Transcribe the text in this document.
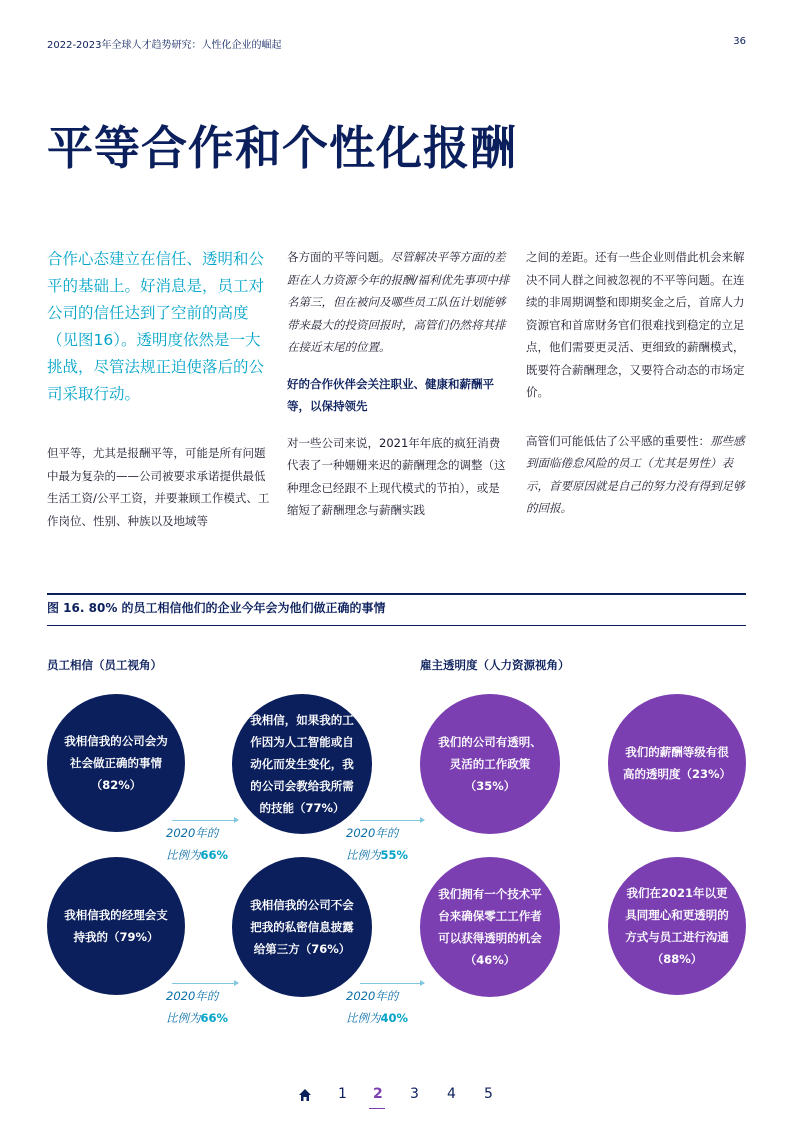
2022-2023年全球人才趋势研究：人性化企业的崛起	36
平等合作和个性化报酬

合作心态建立在信任、透明和公平的基础上。好消息是，员工对公司的信任达到了空前的高度（见图16）。透明度依然是一大挑战，尽管法规正迫使落后的公司采取行动。

但平等，尤其是报酬平等，可能是所有问题中最为复杂的——公司被要求承诺提供最低生活工资/公平工资，并要兼顾工作模式、工作岗位、性别、种族以及地域等

各方面的平等问题。尽管解决平等方面的差距在人力资源今年的报酬/福利优先事项中排名第三，但在被问及哪些员工队伍计划能够带来最大的投资回报时，高管们仍然将其排在接近末尾的位置。

好的合作伙伴会关注职业、健康和薪酬平等，以保持领先

对一些公司来说，2021年年底的疯狂消费代表了一种姗姗来迟的薪酬理念的调整（这种理念已经跟不上现代模式的节拍），或是缩短了薪酬理念与薪酬实践

之间的差距。还有一些企业则借此机会来解决不同人群之间被忽视的不平等问题。在连续的非周期调整和即期奖金之后，首席人力资源官和首席财务官们很难找到稳定的立足点，他们需要更灵活、更细致的薪酬模式，既要符合薪酬理念，又要符合动态的市场定价。

高管们可能低估了公平感的重要性：那些感到面临倦怠风险的员工（尤其是男性）表示，首要原因就是自己的努力没有得到足够的回报。

图 16. 80% 的员工相信他们的企业今年会为他们做正确的事情
员工相信（员工视角）	雇主透明度（人力资源视角）
我相信我的公司会为社会做正确的事情（82%）
我相信，如果我的工作因为人工智能或自动化而发生变化，我的公司会教给我所需的技能（77%）
我们的公司有透明、灵活的工作政策（35%）
我们的薪酬等级有很高的透明度（23%）
我相信我的经理会支持我的（79%）
我相信我的公司不会把我的私密信息披露给第三方（76%）
我们拥有一个技术平台来确保零工工作者可以获得透明的机会（46%）
我们在2021年以更具同理心和更透明的方式与员工进行沟通（88%）
2020年的
比例为66%
2020年的
比例为55%
2020年的
比例为66%
2020年的
比例为40%
1 2 3 4 5
